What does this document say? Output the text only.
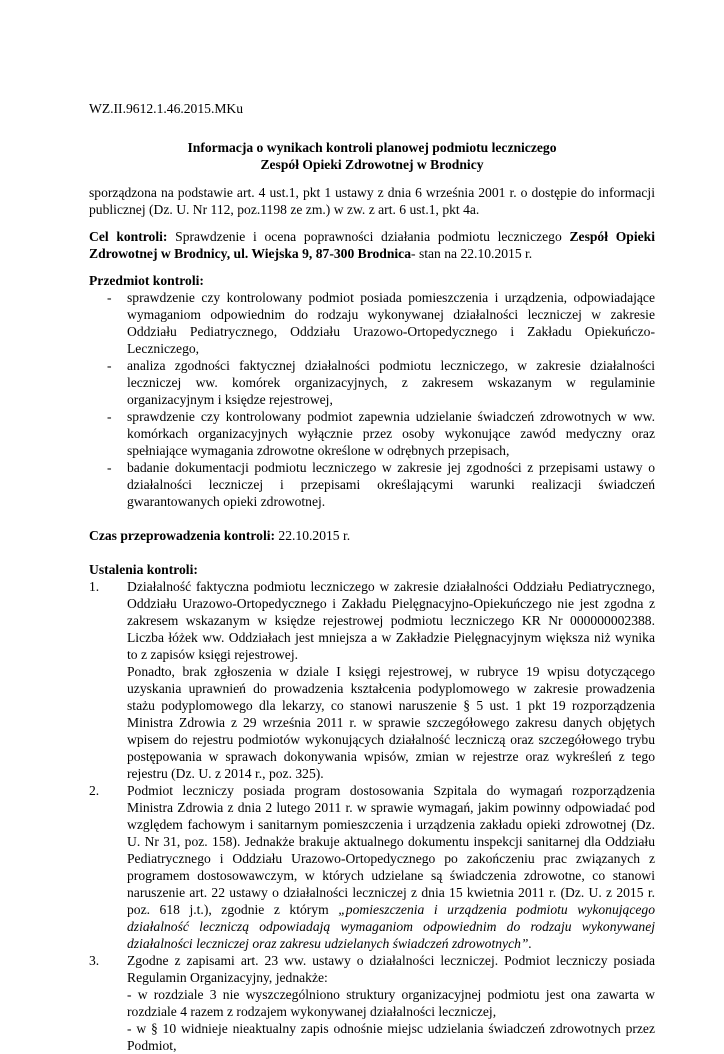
WZ.II.9612.1.46.2015.MKu
Informacja o wynikach kontroli planowej podmiotu leczniczego
Zespół Opieki Zdrowotnej w Brodnicy

sporządzona na podstawie art. 4 ust.1, pkt 1 ustawy z dnia 6 września 2001 r. o dostępie do informacji publicznej (Dz. U. Nr 112, poz.1198 ze zm.) w zw. z art. 6 ust.1, pkt 4a.

Cel kontroli: Sprawdzenie i ocena poprawności działania podmiotu leczniczego Zespół Opieki Zdrowotnej w Brodnicy, ul. Wiejska 9, 87-300 Brodnica- stan na 22.10.2015 r.

Przedmiot kontroli:

- sprawdzenie czy kontrolowany podmiot posiada pomieszczenia i urządzenia, odpowiadające wymaganiom odpowiednim do rodzaju wykonywanej działalności leczniczej w zakresie Oddziału Pediatrycznego, Oddziału Urazowo-Ortopedycznego i Zakładu Opiekuńczo-Leczniczego,
- analiza zgodności faktycznej działalności podmiotu leczniczego, w zakresie działalności leczniczej ww. komórek organizacyjnych, z zakresem wskazanym w regulaminie organizacyjnym i księdze rejestrowej,
- sprawdzenie czy kontrolowany podmiot zapewnia udzielanie świadczeń zdrowotnych w ww. komórkach organizacyjnych wyłącznie przez osoby wykonujące zawód medyczny oraz spełniające wymagania zdrowotne określone w odrębnych przepisach,
- badanie dokumentacji podmiotu leczniczego w zakresie jej zgodności z przepisami ustawy o działalności leczniczej i przepisami określającymi warunki realizacji świadczeń gwarantowanych opieki zdrowotnej.

Czas przeprowadzenia kontroli: 22.10.2015 r.

Ustalenia kontroli:

1. Działalność faktyczna podmiotu leczniczego w zakresie działalności Oddziału Pediatrycznego, Oddziału Urazowo-Ortopedycznego i Zakładu Pielęgnacyjno-Opiekuńczego nie jest zgodna z zakresem wskazanym w księdze rejestrowej podmiotu leczniczego KR Nr 000000002388. Liczba łóżek ww. Oddziałach jest mniejsza a w Zakładzie Pielęgnacyjnym większa niż wynika to z zapisów księgi rejestrowej.

Ponadto, brak zgłoszenia w dziale I księgi rejestrowej, w rubryce 19 wpisu dotyczącego uzyskania uprawnień do prowadzenia kształcenia podyplomowego w zakresie prowadzenia stażu podyplomowego dla lekarzy, co stanowi naruszenie § 5 ust. 1 pkt 19 rozporządzenia Ministra Zdrowia z 29 września 2011 r. w sprawie szczegółowego zakresu danych objętych wpisem do rejestru podmiotów wykonujących działalność leczniczą oraz szczegółowego trybu postępowania w sprawach dokonywania wpisów, zmian w rejestrze oraz wykreśleń z tego rejestru (Dz. U. z 2014 r., poz. 325).

2. Podmiot leczniczy posiada program dostosowania Szpitala do wymagań rozporządzenia Ministra Zdrowia z dnia 2 lutego 2011 r. w sprawie wymagań, jakim powinny odpowiadać pod względem fachowym i sanitarnym pomieszczenia i urządzenia zakładu opieki zdrowotnej (Dz. U. Nr 31, poz. 158). Jednakże brakuje aktualnego dokumentu inspekcji sanitarnej dla Oddziału Pediatrycznego i Oddziału Urazowo-Ortopedycznego po zakończeniu prac związanych z programem dostosowawczym, w których udzielane są świadczenia zdrowotne, co stanowi naruszenie art. 22 ustawy o działalności leczniczej z dnia 15 kwietnia 2011 r. (Dz. U. z 2015 r. poz. 618 j.t.), zgodnie z którym „pomieszczenia i urządzenia podmiotu wykonującego działalność leczniczą odpowiadają wymaganiom odpowiednim do rodzaju wykonywanej działalności leczniczej oraz zakresu udzielanych świadczeń zdrowotnych”.

3. Zgodne z zapisami art. 23 ww. ustawy o działalności leczniczej. Podmiot leczniczy posiada Regulamin Organizacyjny, jednakże:

- w rozdziale 3 nie wyszczególniono struktury organizacyjnej podmiotu jest ona zawarta w rozdziale 4 razem z rodzajem wykonywanej działalności leczniczej,

- w § 10 widnieje nieaktualny zapis odnośnie miejsc udzielania świadczeń zdrowotnych przez Podmiot,
